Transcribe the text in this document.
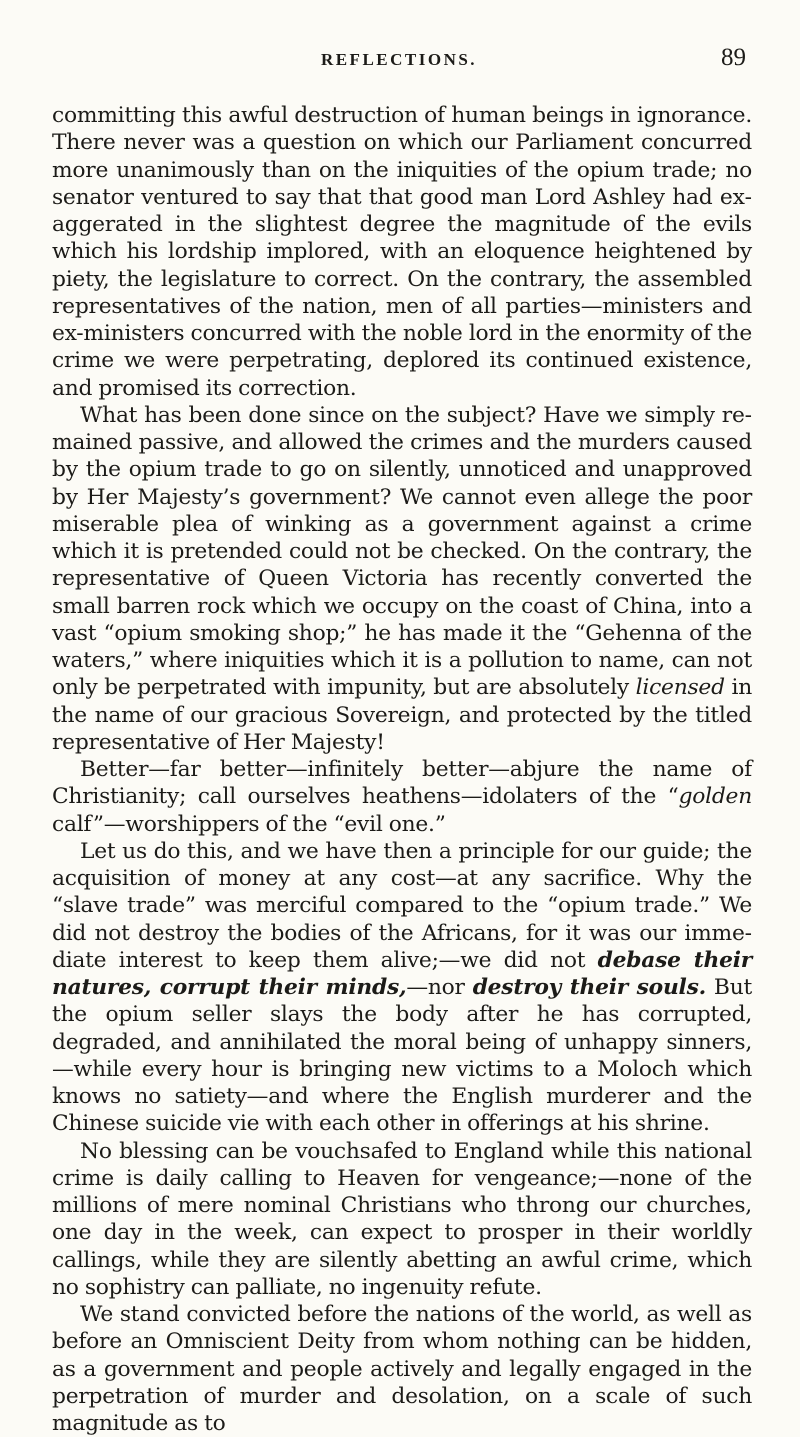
REFLECTIONS.	89

committing this awful destruction of human beings in ignorance. There never was a question on which our Parliament concurred more unanimously than on the iniquities of the opium trade; no senator ventured to say that that good man Lord Ashley had exaggerated in the slightest degree the magnitude of the evils which his lordship implored, with an eloquence heightened by piety, the legislature to correct. On the contrary, the assembled representatives of the nation, men of all parties—ministers and ex-ministers concurred with the noble lord in the enormity of the crime we were perpetrating, deplored its continued existence, and promised its correction.

What has been done since on the subject? Have we simply remained passive, and allowed the crimes and the murders caused by the opium trade to go on silently, unnoticed and unapproved by Her Majesty’s government? We cannot even allege the poor miserable plea of winking as a government against a crime which it is pretended could not be checked. On the contrary, the representative of Queen Victoria has recently converted the small barren rock which we occupy on the coast of China, into a vast “opium smoking shop;” he has made it the “Gehenna of the waters,” where iniquities which it is a pollution to name, can not only be perpetrated with impunity, but are absolutely licensed in the name of our gracious Sovereign, and protected by the titled representative of Her Majesty!

Better—far better—infinitely better—abjure the name of Christianity; call ourselves heathens—idolaters of the “golden calf”—worshippers of the “evil one.”

Let us do this, and we have then a principle for our guide; the acquisition of money at any cost—at any sacrifice. Why the “slave trade” was merciful compared to the “opium trade.” We did not destroy the bodies of the Africans, for it was our immediate interest to keep them alive;—we did not debase their natures, corrupt their minds,—nor destroy their souls. But the opium seller slays the body after he has corrupted, degraded, and annihilated the moral being of unhappy sinners,—while every hour is bringing new victims to a Moloch which knows no satiety—and where the English murderer and the Chinese suicide vie with each other in offerings at his shrine.

No blessing can be vouchsafed to England while this national crime is daily calling to Heaven for vengeance;—none of the millions of mere nominal Christians who throng our churches, one day in the week, can expect to prosper in their worldly callings, while they are silently abetting an awful crime, which no sophistry can palliate, no ingenuity refute.

We stand convicted before the nations of the world, as well as before an Omniscient Deity from whom nothing can be hidden, as a government and people actively and legally engaged in the perpetration of murder and desolation, on a scale of such magnitude as to
